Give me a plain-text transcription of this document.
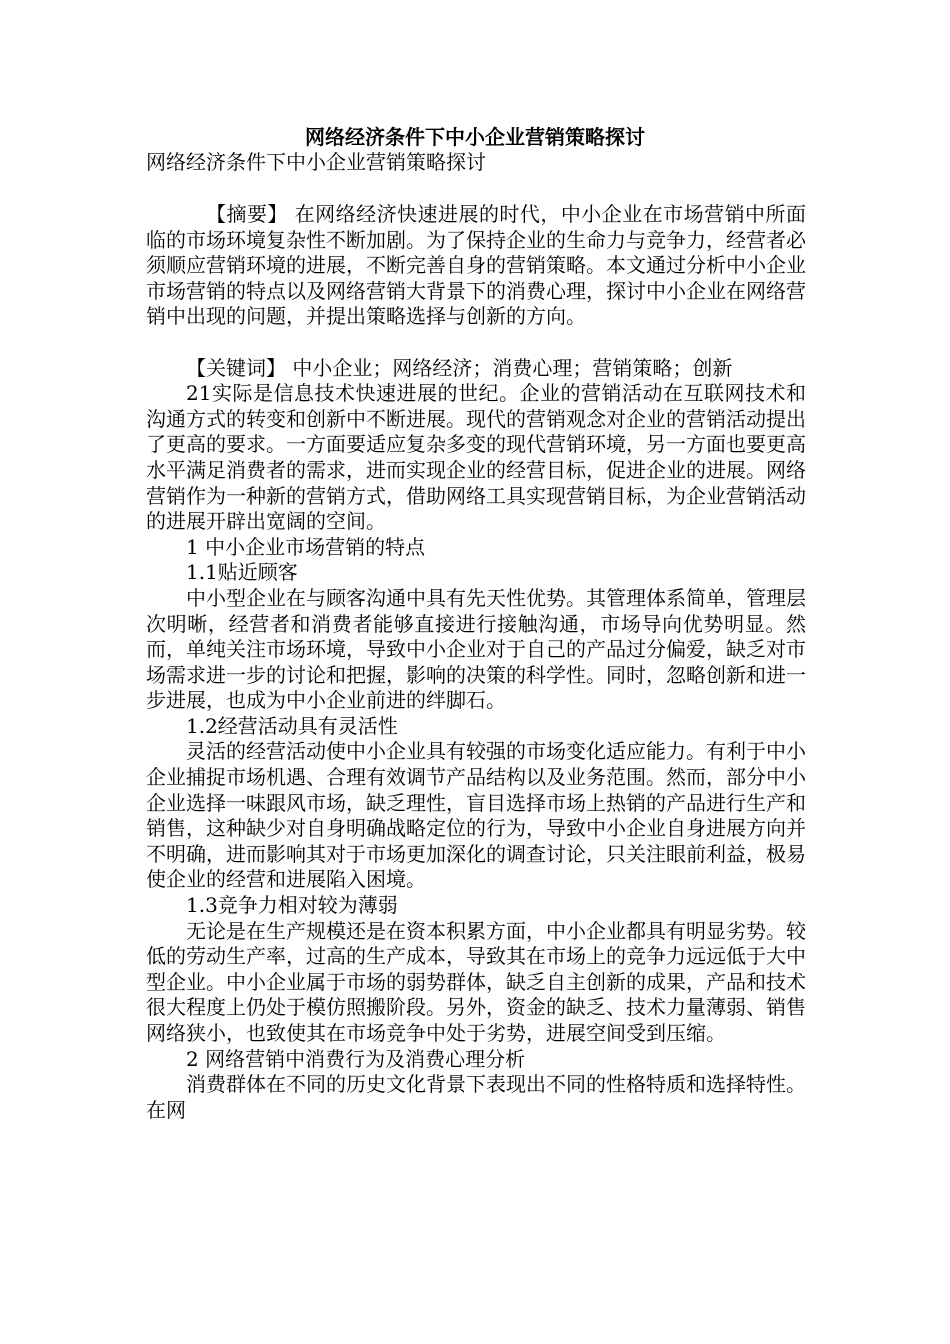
网络经济条件下中小企业营销策略探讨
网络经济条件下中小企业营销策略探讨

【摘要】 在网络经济快速进展的时代，中小企业在市场营销中所面临的市场环境复杂性不断加剧。为了保持企业的生命力与竞争力，经营者必须顺应营销环境的进展，不断完善自身的营销策略。本文通过分析中小企业市场营销的特点以及网络营销大背景下的消费心理，探讨中小企业在网络营销中出现的问题，并提出策略选择与创新的方向。

【关键词】 中小企业；网络经济；消费心理；营销策略；创新

21实际是信息技术快速进展的世纪。企业的营销活动在互联网技术和沟通方式的转变和创新中不断进展。现代的营销观念对企业的营销活动提出了更高的要求。一方面要适应复杂多变的现代营销环境，另一方面也要更高水平满足消费者的需求，进而实现企业的经营目标，促进企业的进展。网络营销作为一种新的营销方式，借助网络工具实现营销目标，为企业营销活动的进展开辟出宽阔的空间。

1 中小企业市场营销的特点

1.1贴近顾客

中小型企业在与顾客沟通中具有先天性优势。其管理体系简单，管理层次明晰，经营者和消费者能够直接进行接触沟通，市场导向优势明显。然而，单纯关注市场环境，导致中小企业对于自己的产品过分偏爱，缺乏对市场需求进一步的讨论和把握，影响的决策的科学性。同时，忽略创新和进一步进展，也成为中小企业前进的绊脚石。

1.2经营活动具有灵活性

灵活的经营活动使中小企业具有较强的市场变化适应能力。有利于中小企业捕捉市场机遇、合理有效调节产品结构以及业务范围。然而，部分中小企业选择一味跟风市场，缺乏理性，盲目选择市场上热销的产品进行生产和销售，这种缺少对自身明确战略定位的行为，导致中小企业自身进展方向并不明确，进而影响其对于市场更加深化的调查讨论，只关注眼前利益，极易使企业的经营和进展陷入困境。

1.3竞争力相对较为薄弱

无论是在生产规模还是在资本积累方面，中小企业都具有明显劣势。较低的劳动生产率，过高的生产成本，导致其在市场上的竞争力远远低于大中型企业。中小企业属于市场的弱势群体，缺乏自主创新的成果，产品和技术很大程度上仍处于模仿照搬阶段。另外，资金的缺乏、技术力量薄弱、销售网络狭小，也致使其在市场竞争中处于劣势，进展空间受到压缩。

2 网络营销中消费行为及消费心理分析

消费群体在不同的历史文化背景下表现出不同的性格特质和选择特性。在网
